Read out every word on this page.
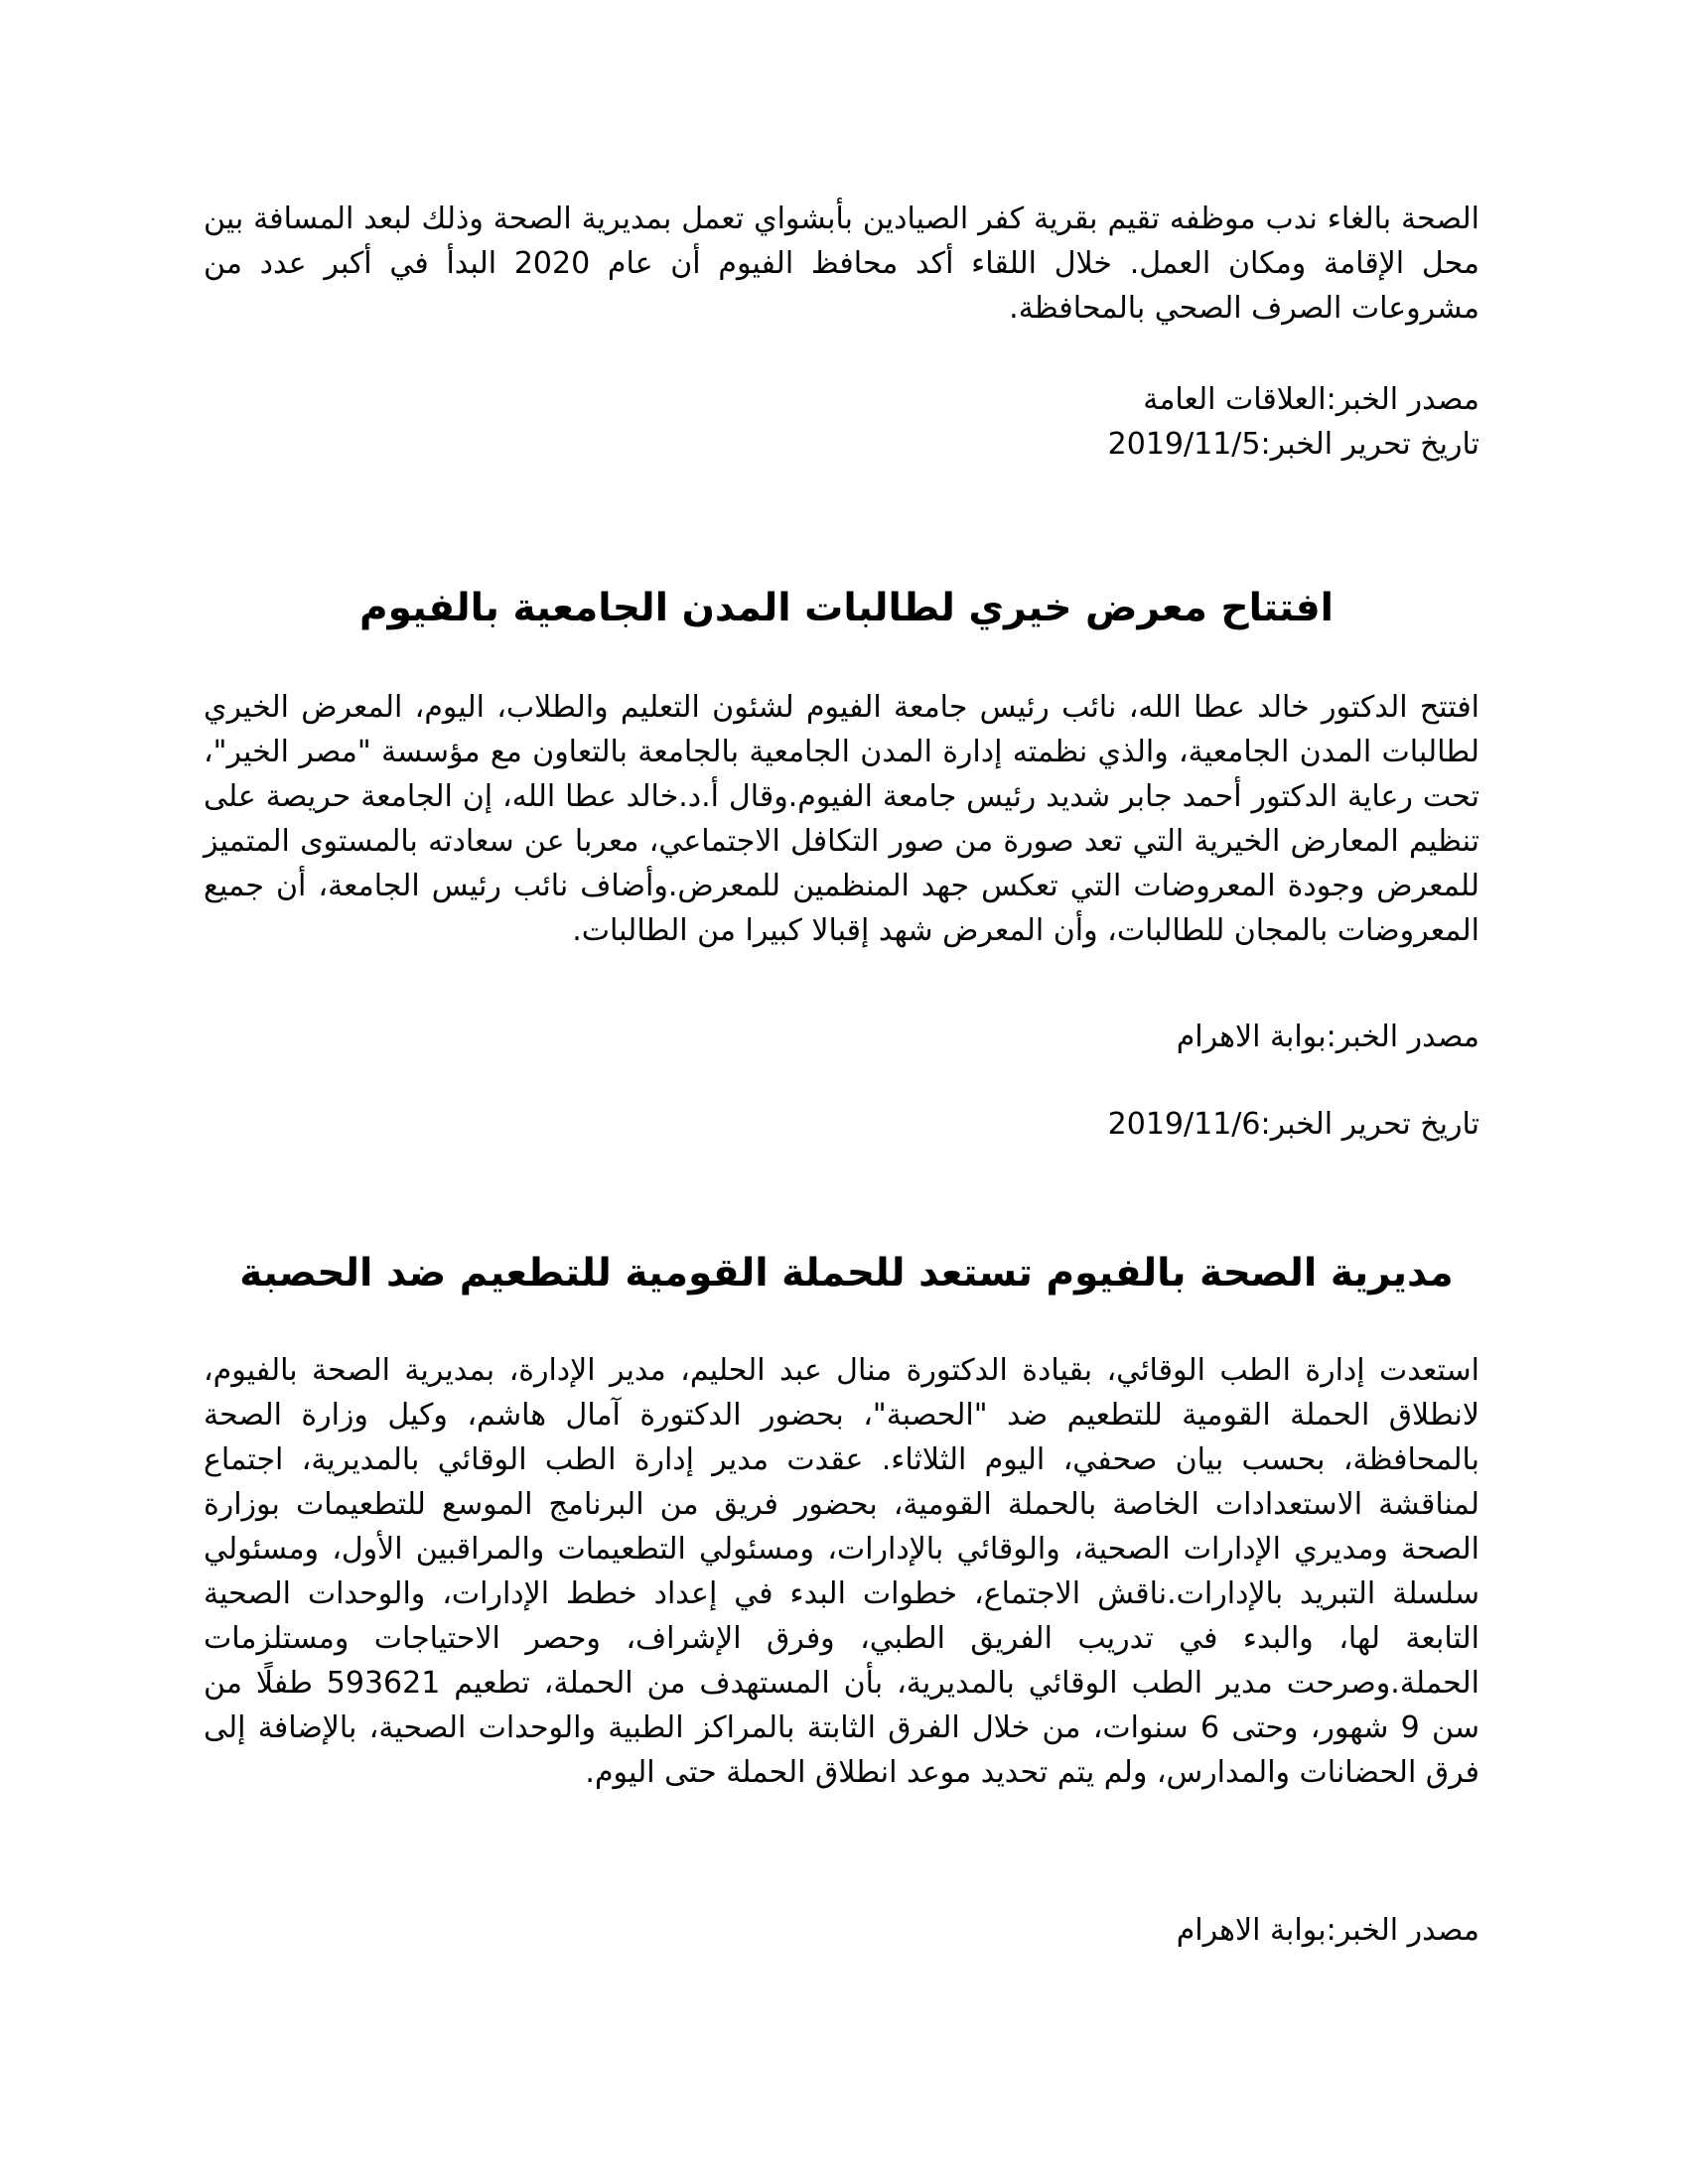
الصحة بالغاء ندب موظفه تقيم بقرية كفر الصيادين بأبشواي تعمل بمديرية الصحة وذلك لبعد المسافة بين محل الإقامة ومكان العمل. خلال اللقاء أكد محافظ الفيوم أن عام 2020 البدأ في أكبر عدد من مشروعات الصرف الصحي بالمحافظة.

مصدر الخبر:العلاقات العامة
تاريخ تحرير الخبر:2019/11/5
افتتاح معرض خيري لطالبات المدن الجامعية بالفيوم

افتتح الدكتور خالد عطا الله، نائب رئيس جامعة الفيوم لشئون التعليم والطلاب، اليوم، المعرض الخيري لطالبات المدن الجامعية، والذي نظمته إدارة المدن الجامعية بالجامعة بالتعاون مع مؤسسة "مصر الخير"، تحت رعاية الدكتور أحمد جابر شديد رئيس جامعة الفيوم.وقال أ.د.خالد عطا الله، إن الجامعة حريصة على تنظيم المعارض الخيرية التي تعد صورة من صور التكافل الاجتماعي، معربا عن سعادته بالمستوى المتميز للمعرض وجودة المعروضات التي تعكس جهد المنظمين للمعرض.وأضاف نائب رئيس الجامعة، أن جميع المعروضات بالمجان للطالبات، وأن المعرض شهد إقبالا كبيرا من الطالبات.

مصدر الخبر:بوابة الاهرام
تاريخ تحرير الخبر:2019/11/6
مديرية الصحة بالفيوم تستعد للحملة القومية للتطعيم ضد الحصبة

استعدت إدارة الطب الوقائي، بقيادة الدكتورة منال عبد الحليم، مدير الإدارة، بمديرية الصحة بالفيوم، لانطلاق الحملة القومية للتطعيم ضد "الحصبة"، بحضور الدكتورة آمال هاشم، وكيل وزارة الصحة بالمحافظة، بحسب بيان صحفي، اليوم الثلاثاء. عقدت مدير إدارة الطب الوقائي بالمديرية، اجتماع لمناقشة الاستعدادات الخاصة بالحملة القومية، بحضور فريق من البرنامج الموسع للتطعيمات بوزارة الصحة ومديري الإدارات الصحية، والوقائي بالإدارات، ومسئولي التطعيمات والمراقبين الأول، ومسئولي سلسلة التبريد بالإدارات.ناقش الاجتماع، خطوات البدء في إعداد خطط الإدارات، والوحدات الصحية التابعة لها، والبدء في تدريب الفريق الطبي، وفرق الإشراف، وحصر الاحتياجات ومستلزمات الحملة.وصرحت مدير الطب الوقائي بالمديرية، بأن المستهدف من الحملة، تطعيم 593621 طفلًا من سن 9 شهور، وحتى 6 سنوات، من خلال الفرق الثابتة بالمراكز الطبية والوحدات الصحية، بالإضافة إلى فرق الحضانات والمدارس، ولم يتم تحديد موعد انطلاق الحملة حتى اليوم.

مصدر الخبر:بوابة الاهرام
